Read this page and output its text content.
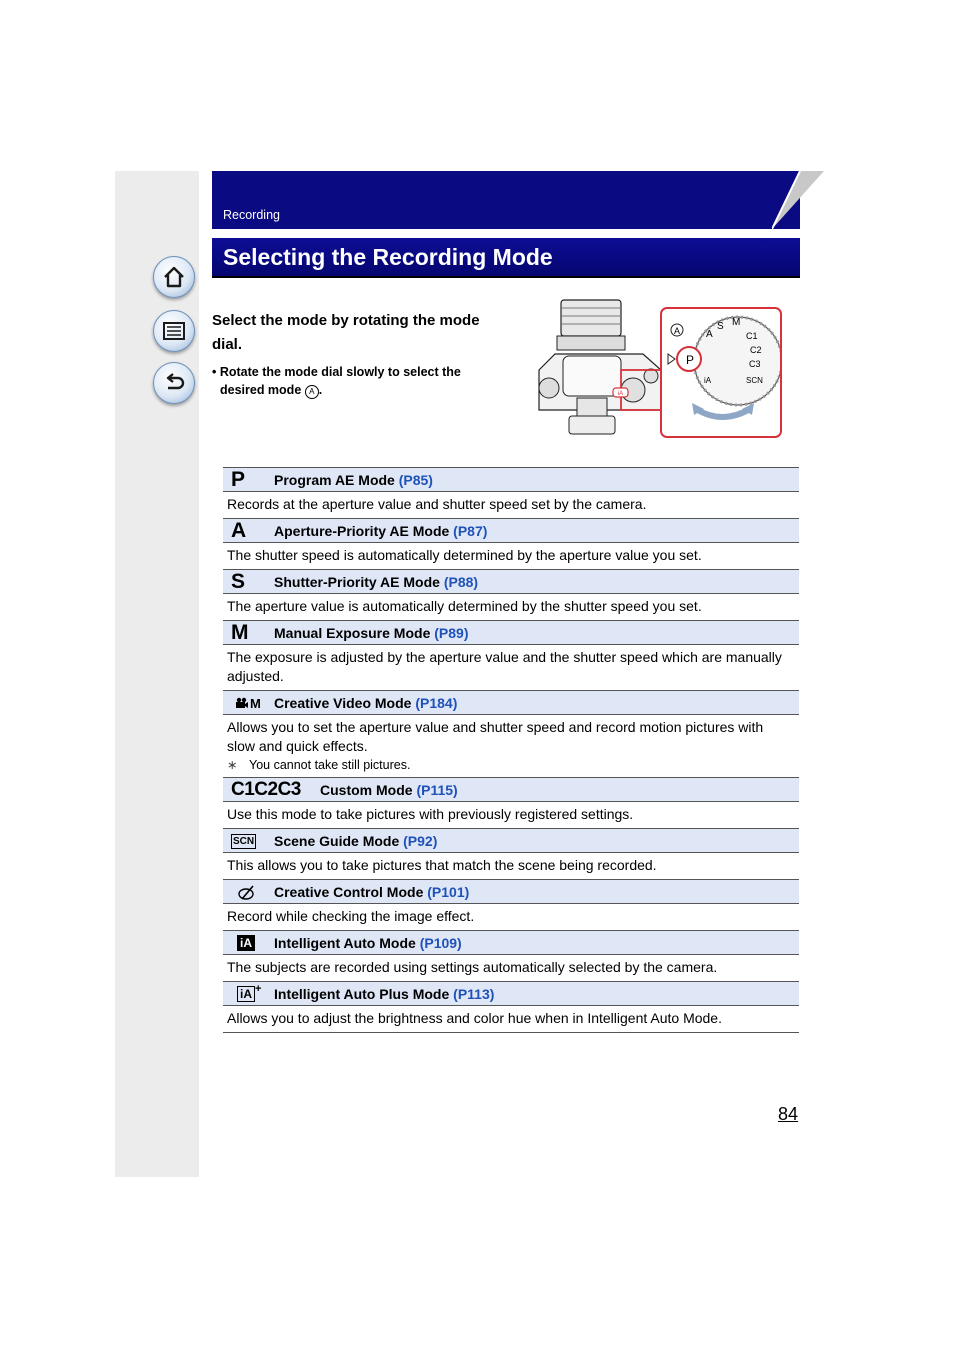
Recording
Selecting the Recording Mode
Select the mode by rotating the mode dial.
• Rotate the mode dial slowly to select the
desired mode A .	iA
A
S M
C1
C2
C3
SCN
iA
P
A
P Program AE Mode (P85)
Records at the aperture value and shutter speed set by the camera.
A Aperture-Priority AE Mode (P87)
The shutter speed is automatically determined by the aperture value you set.
S Shutter-Priority AE Mode (P88)
The aperture value is automatically determined by the shutter speed you set.
M Manual Exposure Mode (P89)
The exposure is adjusted by the aperture value and the shutter speed which are manually adjusted.
M Creative Video Mode (P184)
Allows you to set the aperture value and shutter speed and record motion pictures with slow and quick effects.
∗ You cannot take still pictures.
C1C2C3 Custom Mode (P115)
Use this mode to take pictures with previously registered settings.
SCN Scene Guide Mode (P92)
This allows you to take pictures that match the scene being recorded.
Creative Control Mode (P101)
Record while checking the image effect.
iA Intelligent Auto Mode (P109)
The subjects are recorded using settings automatically selected by the camera.
iA + Intelligent Auto Plus Mode (P113)
Allows you to adjust the brightness and color hue when in Intelligent Auto Mode.
84
